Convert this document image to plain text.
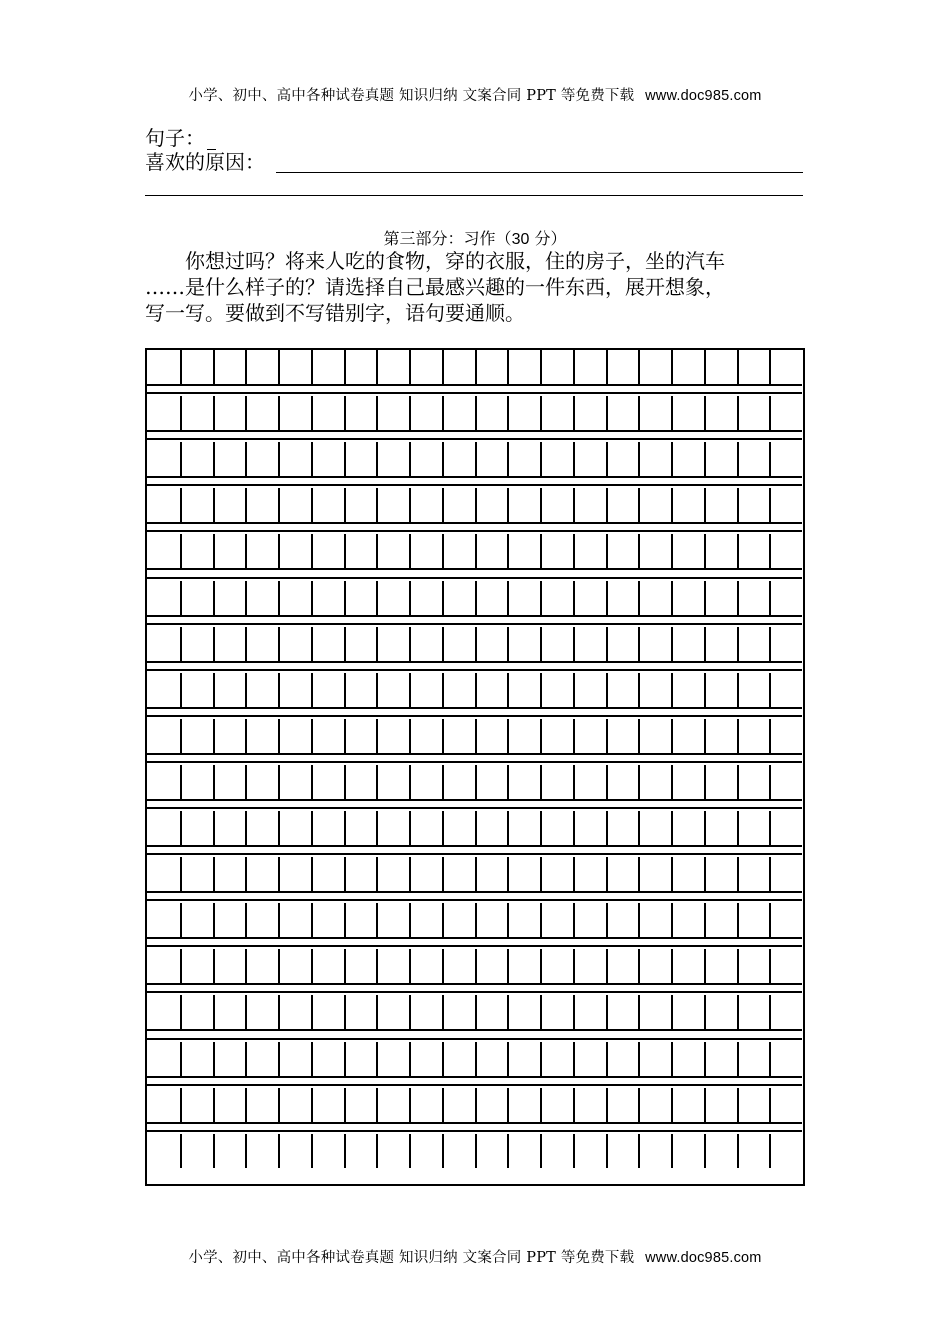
小学、初中、高中各种试卷真题 知识归纳 文案合同 PPT 等免费下载 www.doc985.com
句子：
喜欢的原因：
第三部分：习作（30 分）

你想过吗？将来人吃的食物，穿的衣服，住的房子，坐的汽车

……是什么样子的？请选择自己最感兴趣的一件东西，展开想象，

写一写。要做到不写错别字，语句要通顺。

小学、初中、高中各种试卷真题 知识归纳 文案合同 PPT 等免费下载 www.doc985.com
